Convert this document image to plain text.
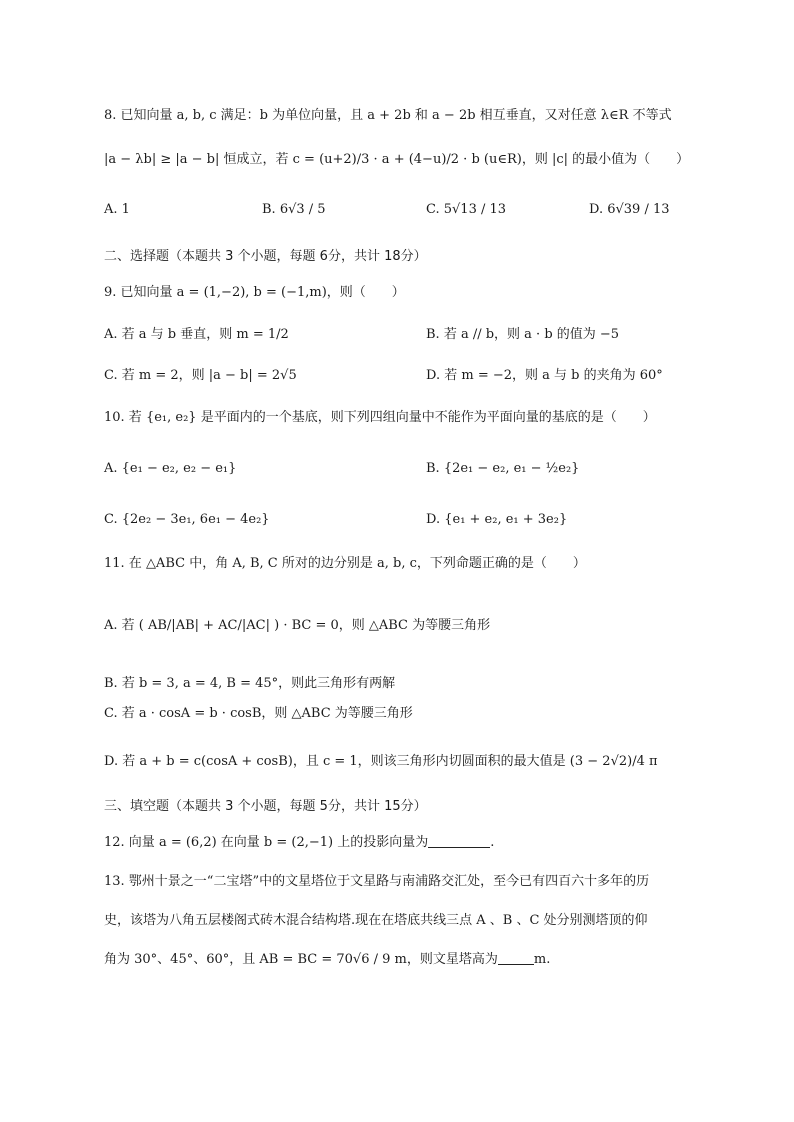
8. 已知向量 a, b, c 满足：b 为单位向量，且 a + 2b 和 a − 2b 相互垂直，又对任意 λ∈R 不等式
|a − λb| ≥ |a − b| 恒成立，若 c = (u+2)/3 · a + (4−u)/2 · b (u∈R)，则 |c| 的最小值为（　　）
A. 1	B. 6√3 / 5	C. 5√13 / 13	D. 6√39 / 13
二、选择题（本题共 3 个小题，每题 6分，共计 18分）
9. 已知向量 a = (1,−2), b = (−1,m)，则（　　）
A. 若 a 与 b 垂直，则 m = 1/2	B. 若 a // b，则 a · b 的值为 −5
C. 若 m = 2，则 |a − b| = 2√5	D. 若 m = −2，则 a 与 b 的夹角为 60°
10. 若 {e₁, e₂} 是平面内的一个基底，则下列四组向量中不能作为平面向量的基底的是（　　）
A. {e₁ − e₂, e₂ − e₁}	B. {2e₁ − e₂, e₁ − ½e₂}
C. {2e₂ − 3e₁, 6e₁ − 4e₂}	D. {e₁ + e₂, e₁ + 3e₂}
11. 在 △ABC 中，角 A, B, C 所对的边分别是 a, b, c，下列命题正确的是（　　）
A. 若 ( AB/|AB| + AC/|AC| ) · BC = 0，则 △ABC 为等腰三角形
B. 若 b = 3, a = 4, B = 45°，则此三角形有两解
C. 若 a · cosA = b · cosB，则 △ABC 为等腰三角形
D. 若 a + b = c(cosA + cosB)，且 c = 1，则该三角形内切圆面积的最大值是 (3 − 2√2)/4 π
三、填空题（本题共 3 个小题，每题 5分，共计 15分）
12. 向量 a = (6,2) 在向量 b = (2,−1) 上的投影向量为	.
13. 鄂州十景之一“二宝塔”中的文星塔位于文星路与南浦路交汇处，至今已有四百六十多年的历
史，该塔为八角五层楼阁式砖木混合结构塔.现在在塔底共线三点 A 、B 、C 处分别测塔顶的仰
角为 30°、45°、60°，且 AB = BC = 70√6 / 9 m，则文星塔高为	m.
